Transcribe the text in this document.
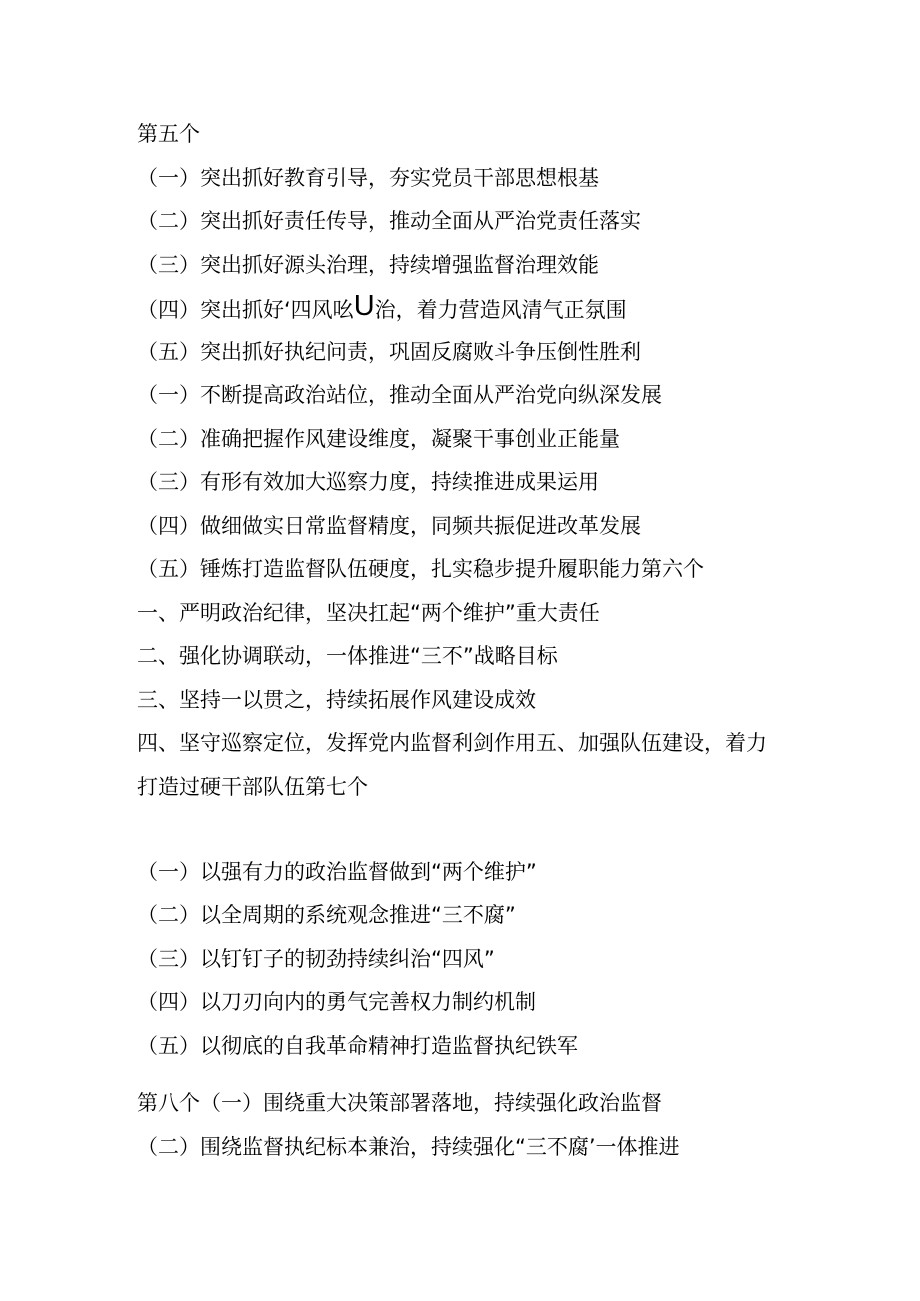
第五个
（一）突出抓好教育引导，夯实党员干部思想根基
（二）突出抓好责任传导，推动全面从严治党责任落实
（三）突出抓好源头治理，持续增强监督治理效能
（四）突出抓好‘四风吆U治，着力营造风清气正氛围
（五）突出抓好执纪问责，巩固反腐败斗争压倒性胜利
（一）不断提高政治站位，推动全面从严治党向纵深发展
（二）准确把握作风建设维度，凝聚干事创业正能量
（三）有形有效加大巡察力度，持续推进成果运用
（四）做细做实日常监督精度，同频共振促进改革发展
（五）锤炼打造监督队伍硬度，扎实稳步提升履职能力第六个
一、严明政治纪律，坚决扛起“两个维护”重大责任
二、强化协调联动，一体推进“三不”战略目标
三、坚持一以贯之，持续拓展作风建设成效
四、坚守巡察定位，发挥党内监督利剑作用五、加强队伍建设，着力
打造过硬干部队伍第七个
（一）以强有力的政治监督做到“两个维护”
（二）以全周期的系统观念推进“三不腐”
（三）以钉钉子的韧劲持续纠治“四风”
（四）以刀刃向内的勇气完善权力制约机制
（五）以彻底的自我革命精神打造监督执纪铁军
第八个（一）围绕重大决策部署落地，持续强化政治监督
（二）围绕监督执纪标本兼治，持续强化“三不腐’一体推进
